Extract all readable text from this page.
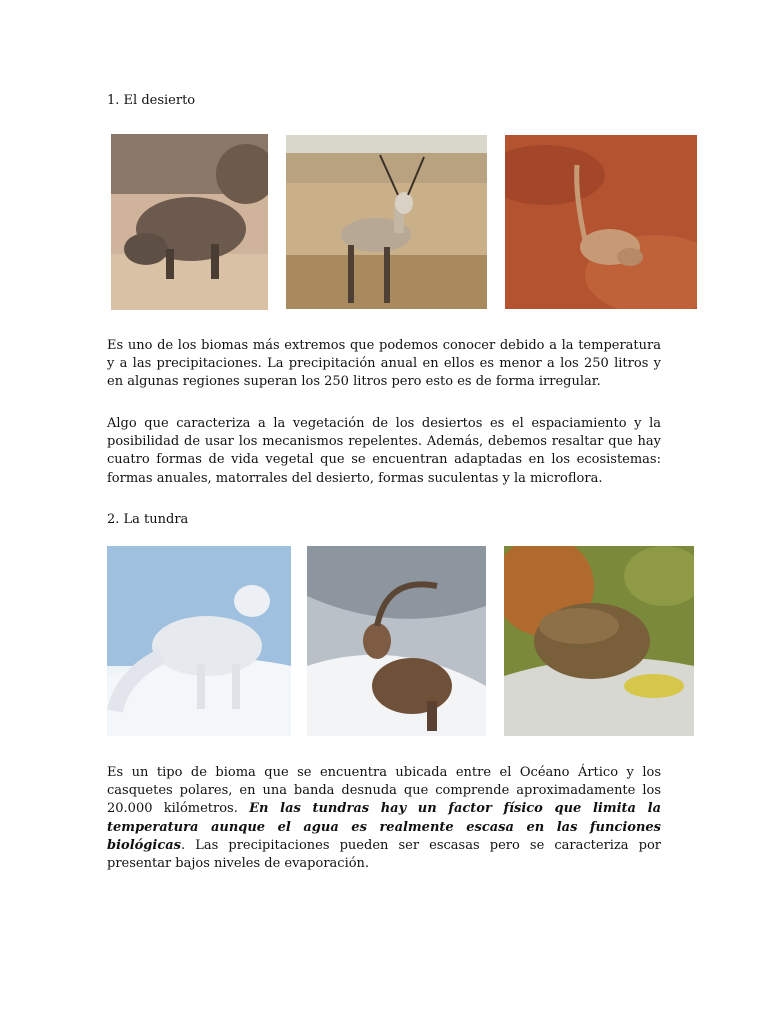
1. El desierto

Es uno de los biomas más extremos que podemos conocer debido a la temperatura y a las precipitaciones. La precipitación anual en ellos es menor a los 250 litros y en algunas regiones superan los 250 litros pero esto es de forma irregular.

Algo que caracteriza a la vegetación de los desiertos es el espaciamiento y la posibilidad de usar los mecanismos repelentes. Además, debemos resaltar que hay cuatro formas de vida vegetal que se encuentran adaptadas en los ecosistemas: formas anuales, matorrales del desierto, formas suculentas y la microflora.

2. La tundra

Es un tipo de bioma que se encuentra ubicada entre el Océano Ártico y los casquetes polares, en una banda desnuda que comprende aproximadamente los 20.000 kilómetros. En las tundras hay un factor físico que limita la temperatura aunque el agua es realmente escasa en las funciones biológicas. Las precipitaciones pueden ser escasas pero se caracteriza por presentar bajos niveles de evaporación.
